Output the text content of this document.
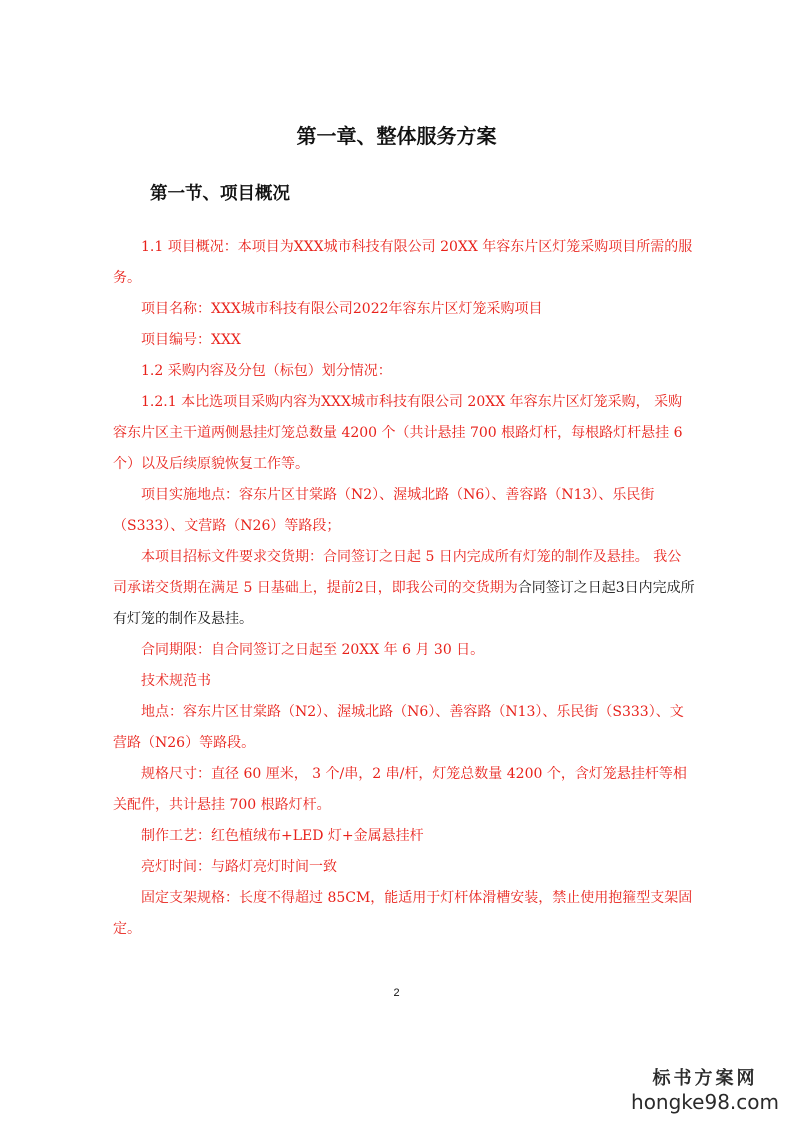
第一章、整体服务方案
第一节、项目概况

1.1 项目概况：本项目为XXX城市科技有限公司 20XX 年容东片区灯笼采购项目所需的服务。

项目名称：XXX城市科技有限公司2022年容东片区灯笼采购项目

项目编号：XXX

1.2 采购内容及分包（标包）划分情况：

1.2.1 本比选项目采购内容为XXX城市科技有限公司 20XX 年容东片区灯笼采购， 采购容东片区主干道两侧悬挂灯笼总数量 4200 个（共计悬挂 700 根路灯杆，每根路灯杆悬挂 6 个）以及后续原貌恢复工作等。

项目实施地点：容东片区甘棠路（N2）、渥城北路（N6）、善容路（N13）、乐民街（S333）、文营路（N26）等路段；

本项目招标文件要求交货期：合同签订之日起 5 日内完成所有灯笼的制作及悬挂。 我公司承诺交货期在满足 5 日基础上，提前2日，即我公司的交货期为合同签订之日起3日内完成所有灯笼的制作及悬挂。

合同期限：自合同签订之日起至 20XX 年 6 月 30 日。

技术规范书

地点：容东片区甘棠路（N2）、渥城北路（N6）、善容路（N13）、乐民街（S333）、文营路（N26）等路段。

规格尺寸：直径 60 厘米， 3 个/串，2 串/杆，灯笼总数量 4200 个，含灯笼悬挂杆等相关配件，共计悬挂 700 根路灯杆。

制作工艺：红色植绒布+LED 灯+金属悬挂杆

亮灯时间：与路灯亮灯时间一致

固定支架规格：长度不得超过 85CM，能适用于灯杆体滑槽安装，禁止使用抱箍型支架固定。

2
标书方案网
hongke98.com
